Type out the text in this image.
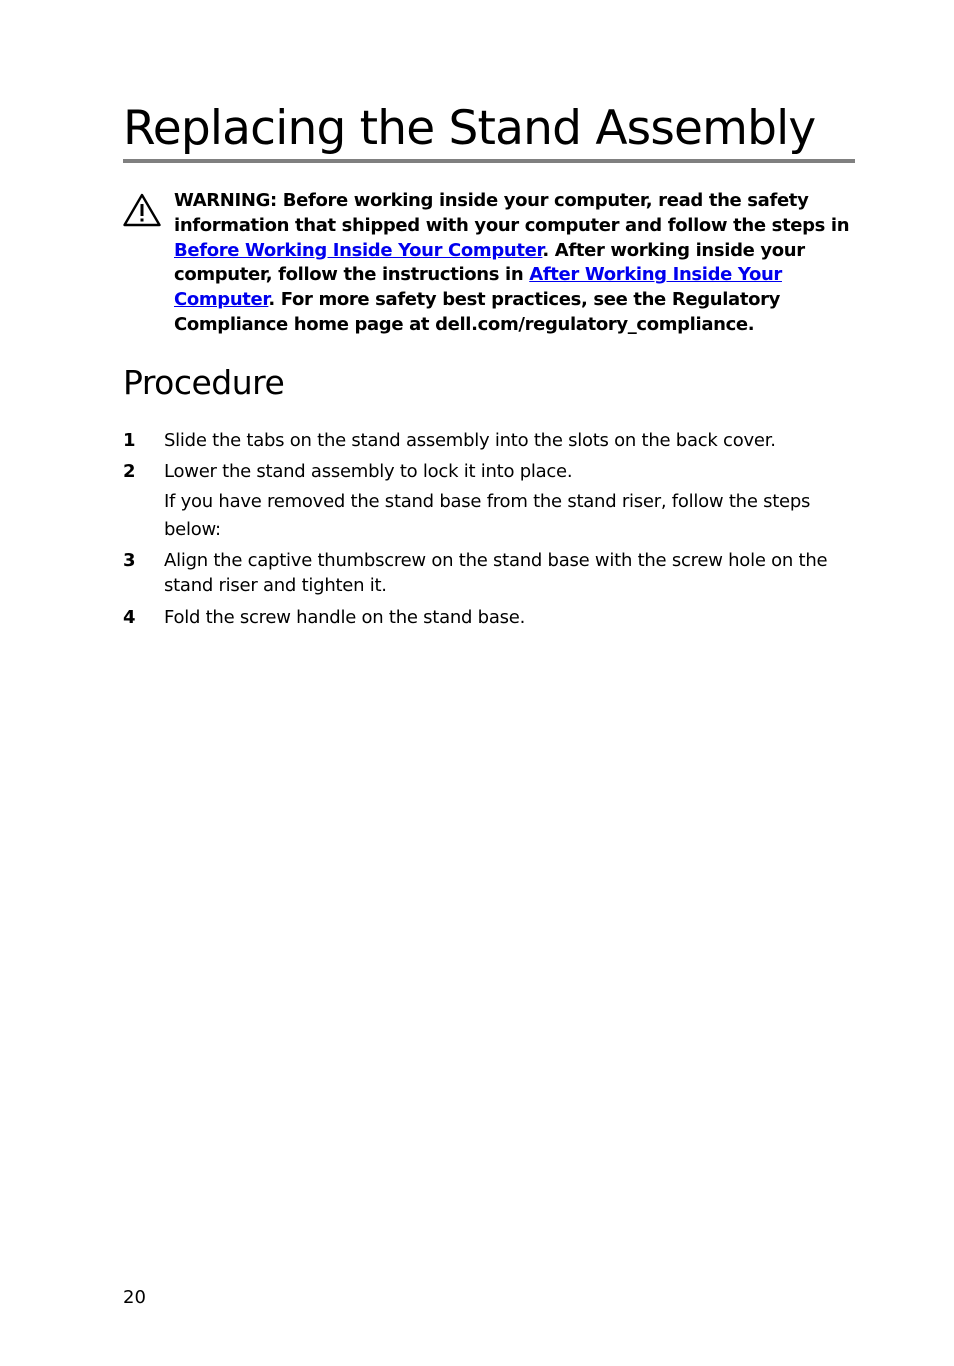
Replacing the Stand Assembly

WARNING: Before working inside your computer, read the safety information that shipped with your computer and follow the steps in Before Working Inside Your Computer. After working inside your computer, follow the instructions in After Working Inside Your Computer. For more safety best practices, see the Regulatory Compliance home page at dell.com/regulatory_compliance.

Procedure
1 Slide the tabs on the stand assembly into the slots on the back cover.
2 Lower the stand assembly to lock it into place.

If you have removed the stand base from the stand riser, follow the steps below:

3 Align the captive thumbscrew on the stand base with the screw hole on the stand riser and tighten it.
4 Fold the screw handle on the stand base.
20
